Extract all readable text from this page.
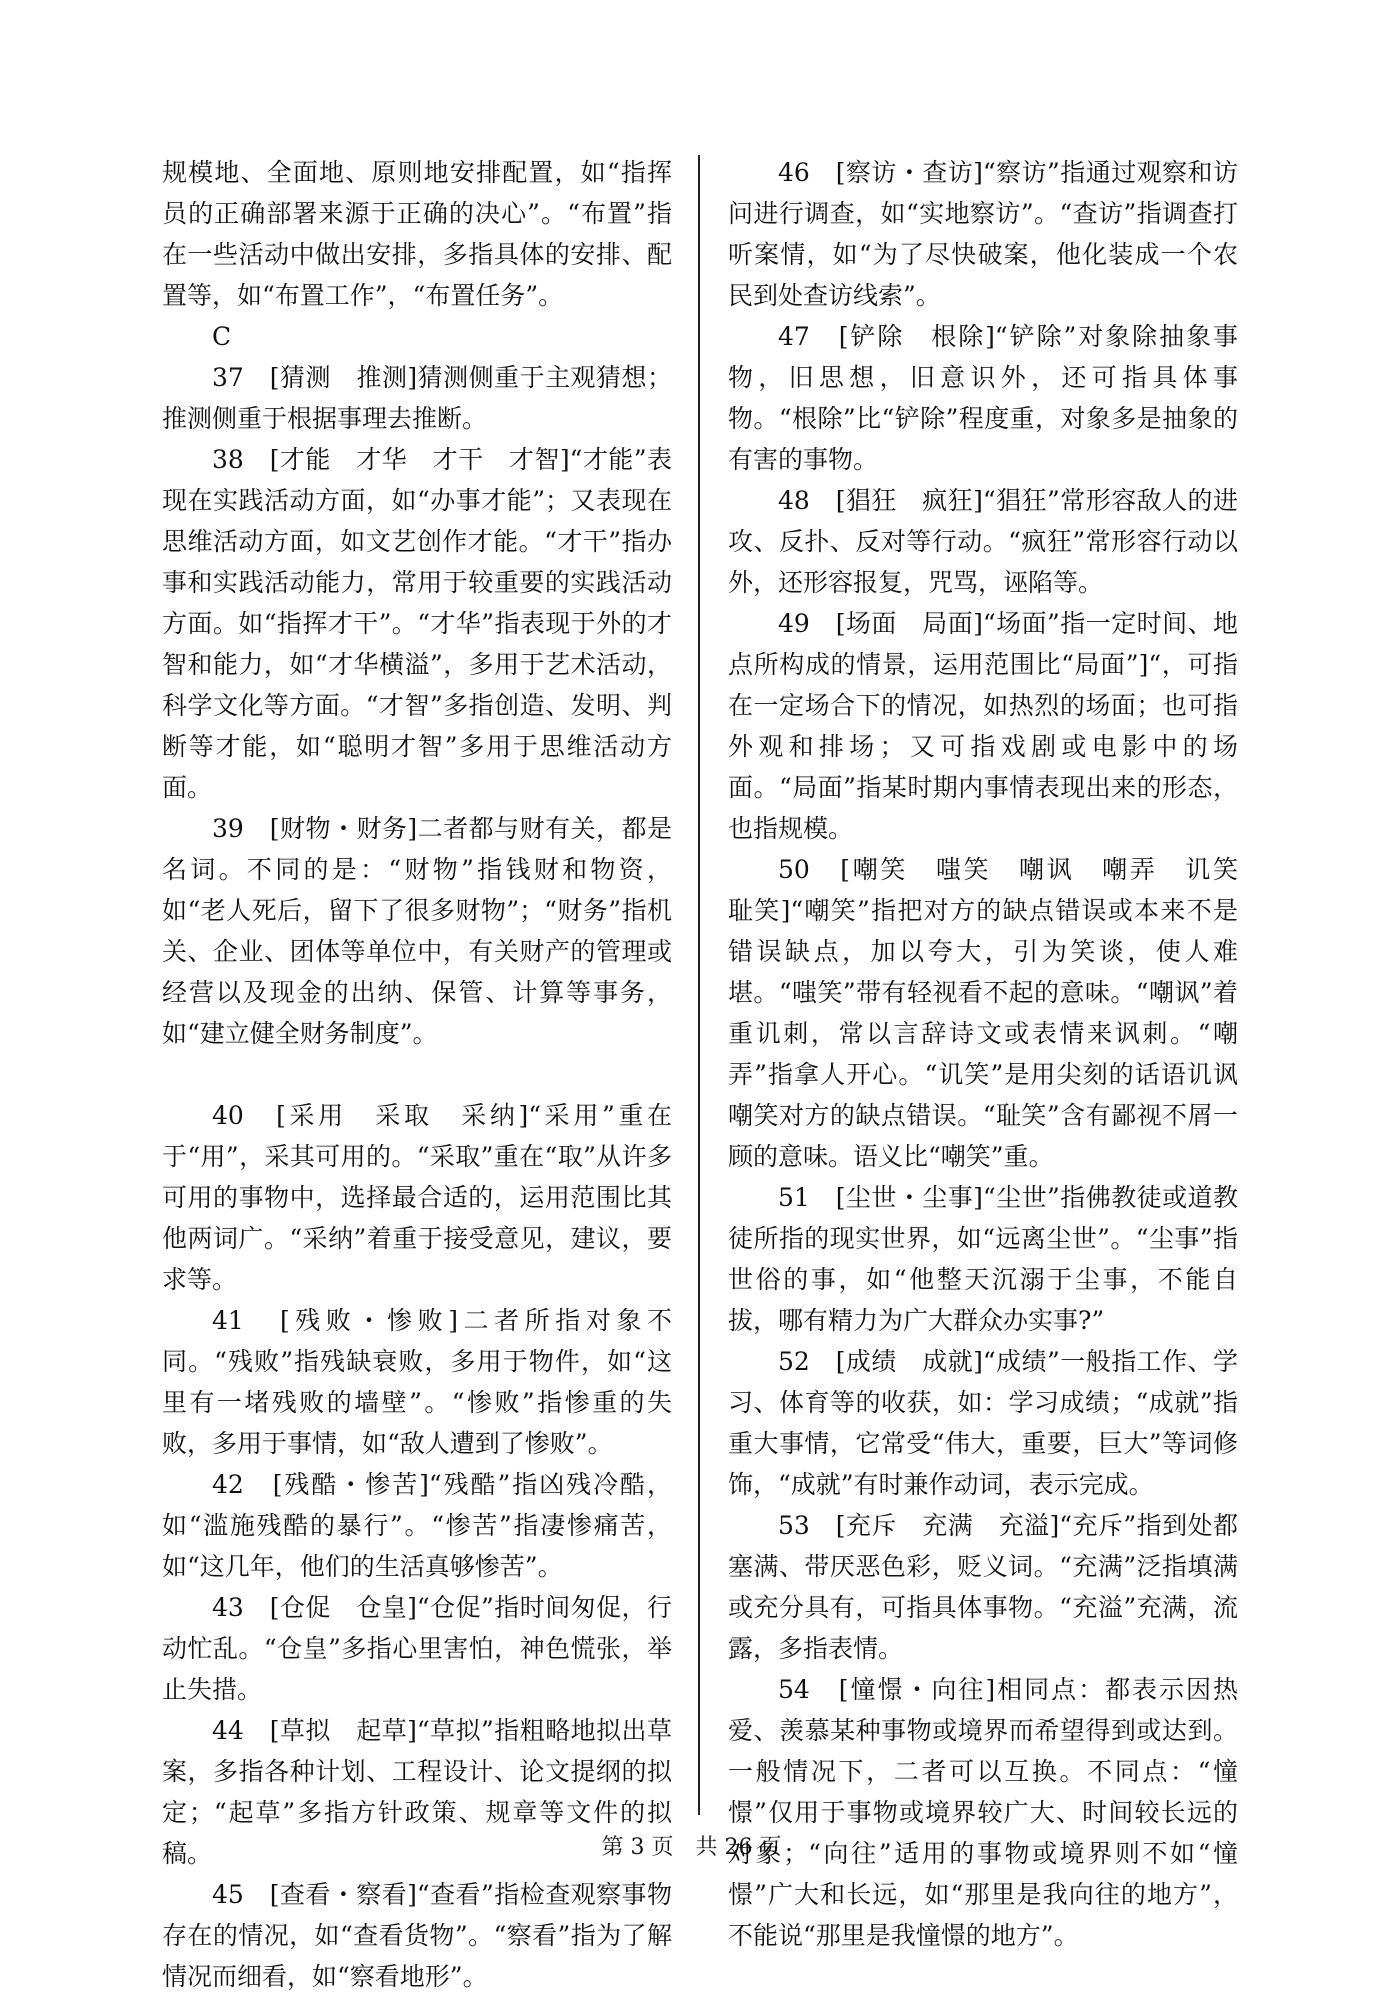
规模地、全面地、原则地安排配置，如“指挥员的正确部署来源于正确的决心”。“布置”指在一些活动中做出安排，多指具体的安排、配置等，如“布置工作”，“布置任务”。

C

37　[猜测　推测]猜测侧重于主观猜想；推测侧重于根据事理去推断。

38　[才能　才华　才干　才智]“才能”表现在实践活动方面，如“办事才能”；又表现在思维活动方面，如文艺创作才能。“才干”指办事和实践活动能力，常用于较重要的实践活动方面。如“指挥才干”。“才华”指表现于外的才智和能力，如“才华横溢”，多用于艺术活动，科学文化等方面。“才智”多指创造、发明、判断等才能，如“聪明才智”多用于思维活动方面。

39　[财物・财务]二者都与财有关，都是名词。不同的是：“财物”指钱财和物资，如“老人死后，留下了很多财物”；“财务”指机关、企业、团体等单位中，有关财产的管理或经营以及现金的出纳、保管、计算等事务，如“建立健全财务制度”。

40　[采用　采取　采纳]“采用”重在于“用”，采其可用的。“采取”重在“取”从许多可用的事物中，选择最合适的，运用范围比其他两词广。“采纳”着重于接受意见，建议，要求等。

41　[残败・惨败]二者所指对象不同。“残败”指残缺衰败，多用于物件，如“这里有一堵残败的墙壁”。“惨败”指惨重的失败，多用于事情，如“敌人遭到了惨败”。

42　[残酷・惨苦]“残酷”指凶残冷酷，如“滥施残酷的暴行”。“惨苦”指凄惨痛苦，如“这几年，他们的生活真够惨苦”。

43　[仓促　仓皇]“仓促”指时间匆促，行动忙乱。“仓皇”多指心里害怕，神色慌张，举止失措。

44　[草拟　起草]“草拟”指粗略地拟出草案，多指各种计划、工程设计、论文提纲的拟定；“起草”多指方针政策、规章等文件的拟稿。

45　[查看・察看]“查看”指检查观察事物存在的情况，如“查看货物”。“察看”指为了解情况而细看，如“察看地形”。

46　[察访・查访]“察访”指通过观察和访问进行调查，如“实地察访”。“查访”指调查打听案情，如“为了尽快破案，他化装成一个农民到处查访线索”。

47　[铲除　根除]“铲除”对象除抽象事物，旧思想，旧意识外，还可指具体事物。“根除”比“铲除”程度重，对象多是抽象的有害的事物。

48　[猖狂　疯狂]“猖狂”常形容敌人的进攻、反扑、反对等行动。“疯狂”常形容行动以外，还形容报复，咒骂，诬陷等。

49　[场面　局面]“场面”指一定时间、地点所构成的情景，运用范围比“局面”]“，可指在一定场合下的情况，如热烈的场面；也可指外观和排场；又可指戏剧或电影中的场面。“局面”指某时期内事情表现出来的形态，也指规模。

50　[嘲笑　嗤笑　嘲讽　嘲弄　讥笑　耻笑]“嘲笑”指把对方的缺点错误或本来不是错误缺点，加以夸大，引为笑谈，使人难堪。“嗤笑”带有轻视看不起的意味。“嘲讽”着重讥刺，常以言辞诗文或表情来讽刺。“嘲弄”指拿人开心。“讥笑”是用尖刻的话语讥讽嘲笑对方的缺点错误。“耻笑”含有鄙视不屑一顾的意味。语义比“嘲笑”重。

51　[尘世・尘事]“尘世”指佛教徒或道教徒所指的现实世界，如“远离尘世”。“尘事”指世俗的事，如“他整天沉溺于尘事，不能自拔，哪有精力为广大群众办实事?”

52　[成绩　成就]“成绩”一般指工作、学习、体育等的收获，如：学习成绩；“成就”指重大事情，它常受“伟大，重要，巨大”等词修饰，“成就”有时兼作动词，表示完成。

53　[充斥　充满　充溢]“充斥”指到处都塞满、带厌恶色彩，贬义词。“充满”泛指填满或充分具有，可指具体事物。“充溢”充满，流露，多指表情。

54　[憧憬・向往]相同点：都表示因热爱、羡慕某种事物或境界而希望得到或达到。一般情况下，二者可以互换。不同点：“憧憬”仅用于事物或境界较广大、时间较长远的对象；“向往”适用的事物或境界则不如“憧憬”广大和长远，如“那里是我向往的地方”，不能说“那里是我憧憬的地方”。

第 3 页　共 26 页
